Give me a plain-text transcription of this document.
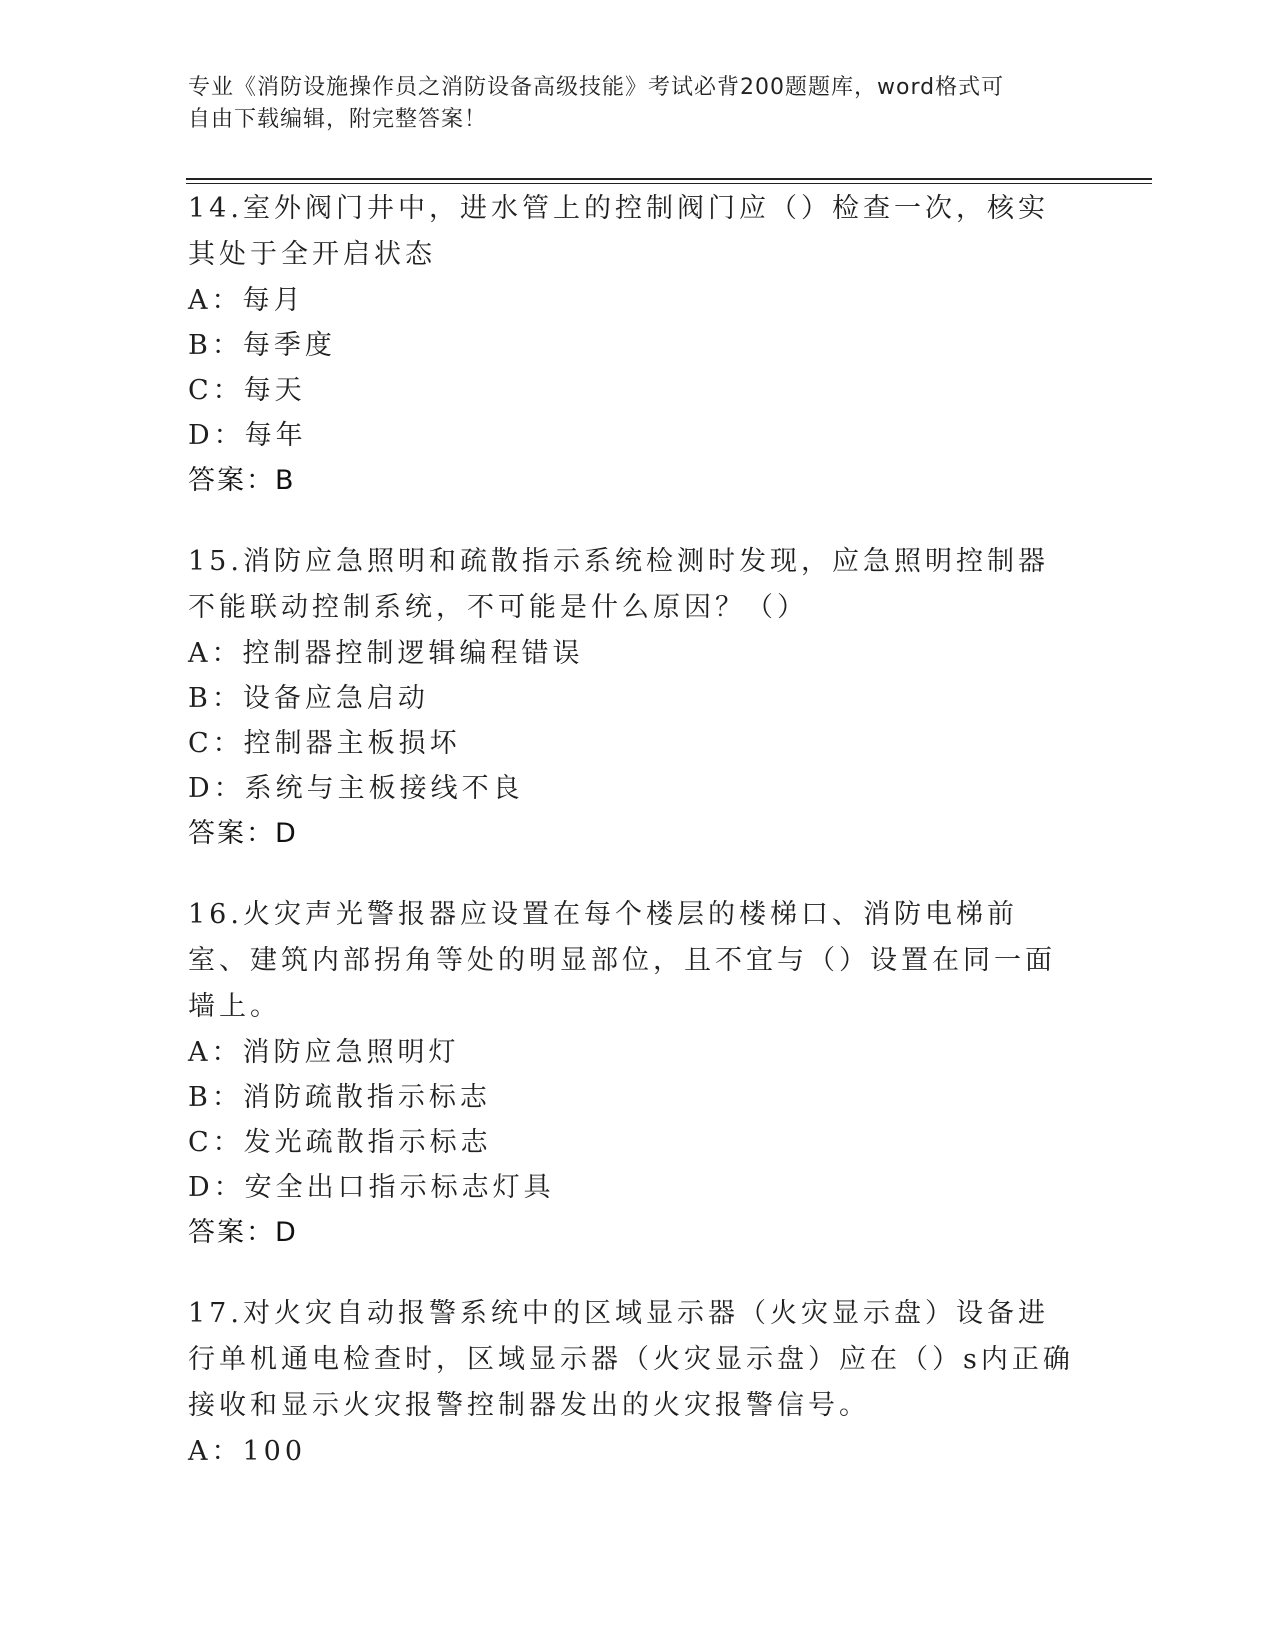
专业《消防设施操作员之消防设备高级技能》考试必背200题题库，word格式可
自由下载编辑，附完整答案！

14.室外阀门井中，进水管上的控制阀门应（）检查一次，核实其处于全开启状态

A：每月

B：每季度

C：每天

D：每年

答案：B

15.消防应急照明和疏散指示系统检测时发现，应急照明控制器不能联动控制系统，不可能是什么原因？（）

A：控制器控制逻辑编程错误

B：设备应急启动

C：控制器主板损坏

D：系统与主板接线不良

答案：D

16.火灾声光警报器应设置在每个楼层的楼梯口、消防电梯前室、建筑内部拐角等处的明显部位，且不宜与（）设置在同一面墙上。

A：消防应急照明灯

B：消防疏散指示标志

C：发光疏散指示标志

D：安全出口指示标志灯具

答案：D

17.对火灾自动报警系统中的区域显示器（火灾显示盘）设备进行单机通电检查时，区域显示器（火灾显示盘）应在（）s内正确接收和显示火灾报警控制器发出的火灾报警信号。

A：100
